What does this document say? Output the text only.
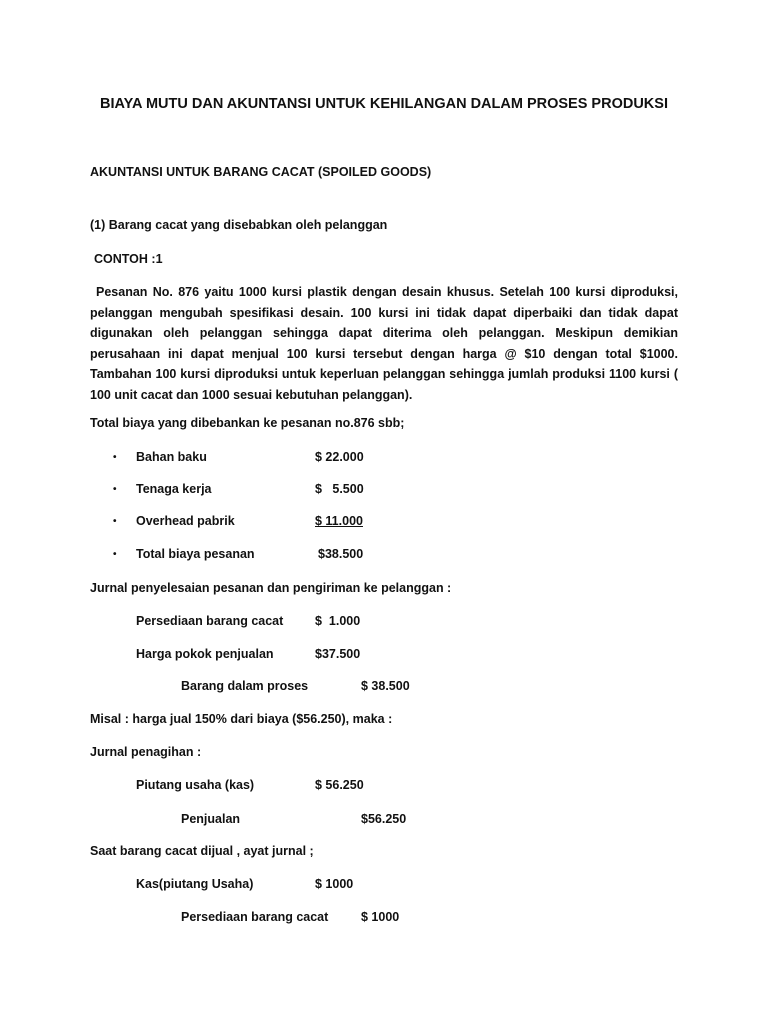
BIAYA MUTU DAN AKUNTANSI UNTUK KEHILANGAN DALAM PROSES PRODUKSI
AKUNTANSI UNTUK BARANG CACAT (SPOILED GOODS)
(1) Barang cacat yang disebabkan oleh pelanggan
CONTOH :1

Pesanan No. 876 yaitu 1000 kursi plastik dengan desain khusus. Setelah 100 kursi diproduksi, pelanggan mengubah spesifikasi desain. 100 kursi ini tidak dapat diperbaiki dan tidak dapat digunakan oleh pelanggan sehingga dapat diterima oleh pelanggan. Meskipun demikian perusahaan ini dapat menjual 100 kursi tersebut dengan harga @ $10 dengan total $1000. Tambahan 100 kursi diproduksi untuk keperluan pelanggan sehingga jumlah produksi 1100 kursi ( 100 unit cacat dan 1000 sesuai kebutuhan pelanggan).

Total biaya yang dibebankan ke pesanan no.876 sbb;
• Bahan baku	$ 22.000
• Tenaga kerja	$   5.500
• Overhead pabrik	$ 11.000
• Total biaya pesanan	$38.500
Jurnal penyelesaian pesanan dan pengiriman ke pelanggan :
Persediaan barang cacat	$  1.000
Harga pokok penjualan	$37.500
Barang dalam proses	$ 38.500
Misal : harga jual 150% dari biaya ($56.250), maka :
Jurnal penagihan :
Piutang usaha (kas)	$ 56.250
Penjualan	$56.250
Saat barang cacat dijual , ayat jurnal ;
Kas(piutang Usaha)	$ 1000
Persediaan barang cacat	$ 1000
